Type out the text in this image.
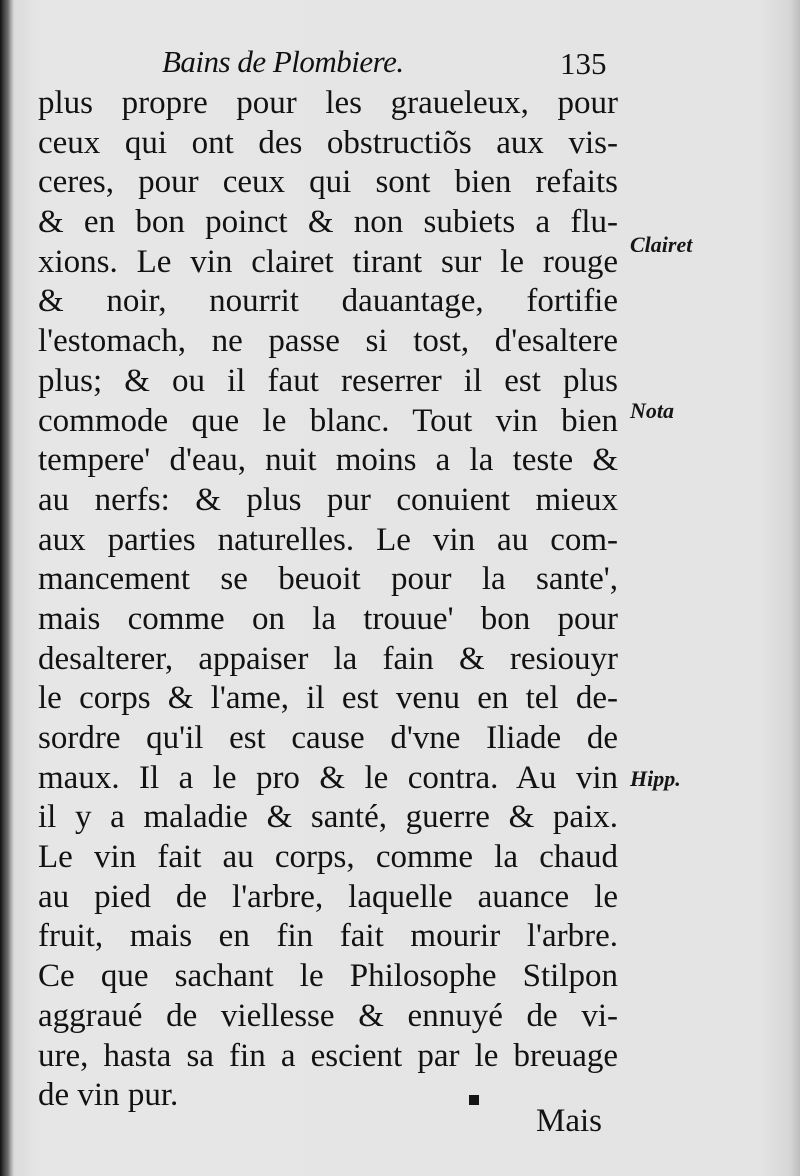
Bains de Plombiere.	135
plus propre pour les graueleux, pour
ceux qui ont des obstructiõs aux vis-
ceres, pour ceux qui sont bien refaits
& en bon poinct & non subiets a flu-
xions. Le vin clairet tirant sur le rouge
& noir, nourrit dauantage, fortifie
l'estomach, ne passe si tost, d'esaltere
plus; & ou il faut reserrer il est plus
commode que le blanc. Tout vin bien
tempere' d'eau, nuit moins a la teste &
au nerfs: & plus pur conuient mieux
aux parties naturelles. Le vin au com-
mancement se beuoit pour la sante',
mais comme on la trouue' bon pour
desalterer, appaiser la fain & resiouyr
le corps & l'ame, il est venu en tel de-
sordre qu'il est cause d'vne Iliade de
maux. Il a le pro & le contra. Au vin
il y a maladie & santé, guerre & paix.
Le vin fait au corps, comme la chaud
au pied de l'arbre, laquelle auance le
fruit, mais en fin fait mourir l'arbre.
Ce que sachant le Philosophe Stilpon
aggraué de viellesse & ennuyé de vi-
ure, hasta sa fin a escient par le breuage
de vin pur.
Clairet
Nota
Hipp.
Mais
